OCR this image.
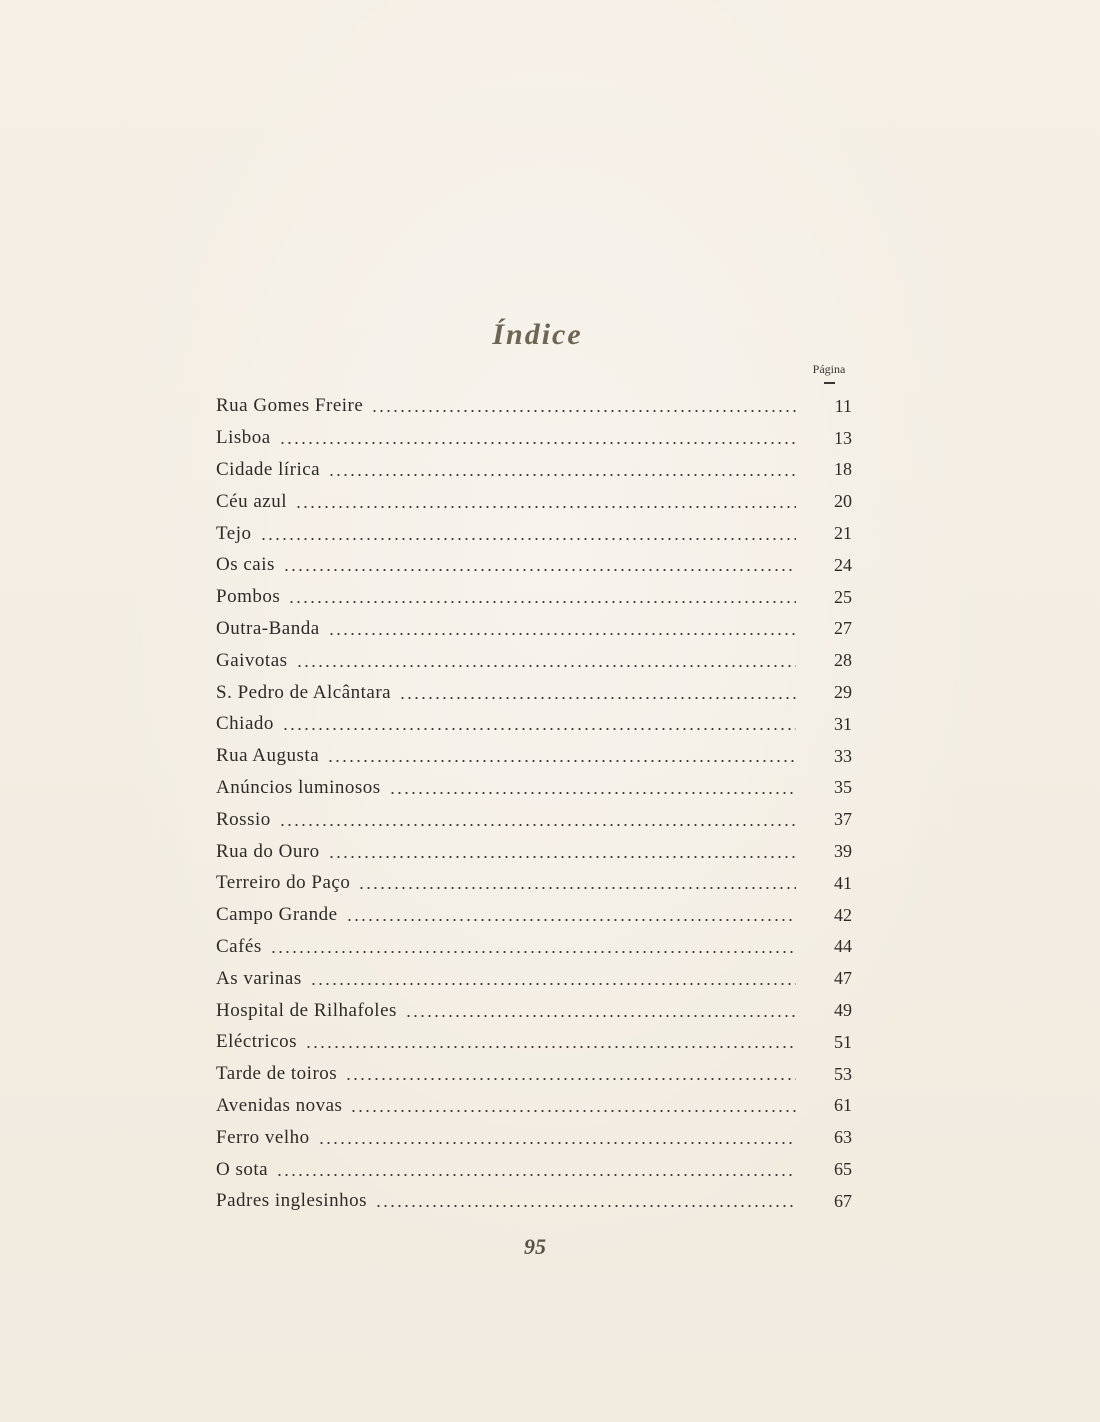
Índice
Página
Rua Gomes Freire	11
Lisboa	13
Cidade lírica	18
Céu azul	20
Tejo	21
Os cais	24
Pombos	25
Outra-Banda	27
Gaivotas	28
S. Pedro de Alcântara	29
Chiado	31
Rua Augusta	33
Anúncios luminosos	35
Rossio	37
Rua do Ouro	39
Terreiro do Paço	41
Campo Grande	42
Cafés	44
As varinas	47
Hospital de Rilhafoles	49
Eléctricos	51
Tarde de toiros	53
Avenidas novas	61
Ferro velho	63
O sota	65
Padres inglesinhos	67
95
